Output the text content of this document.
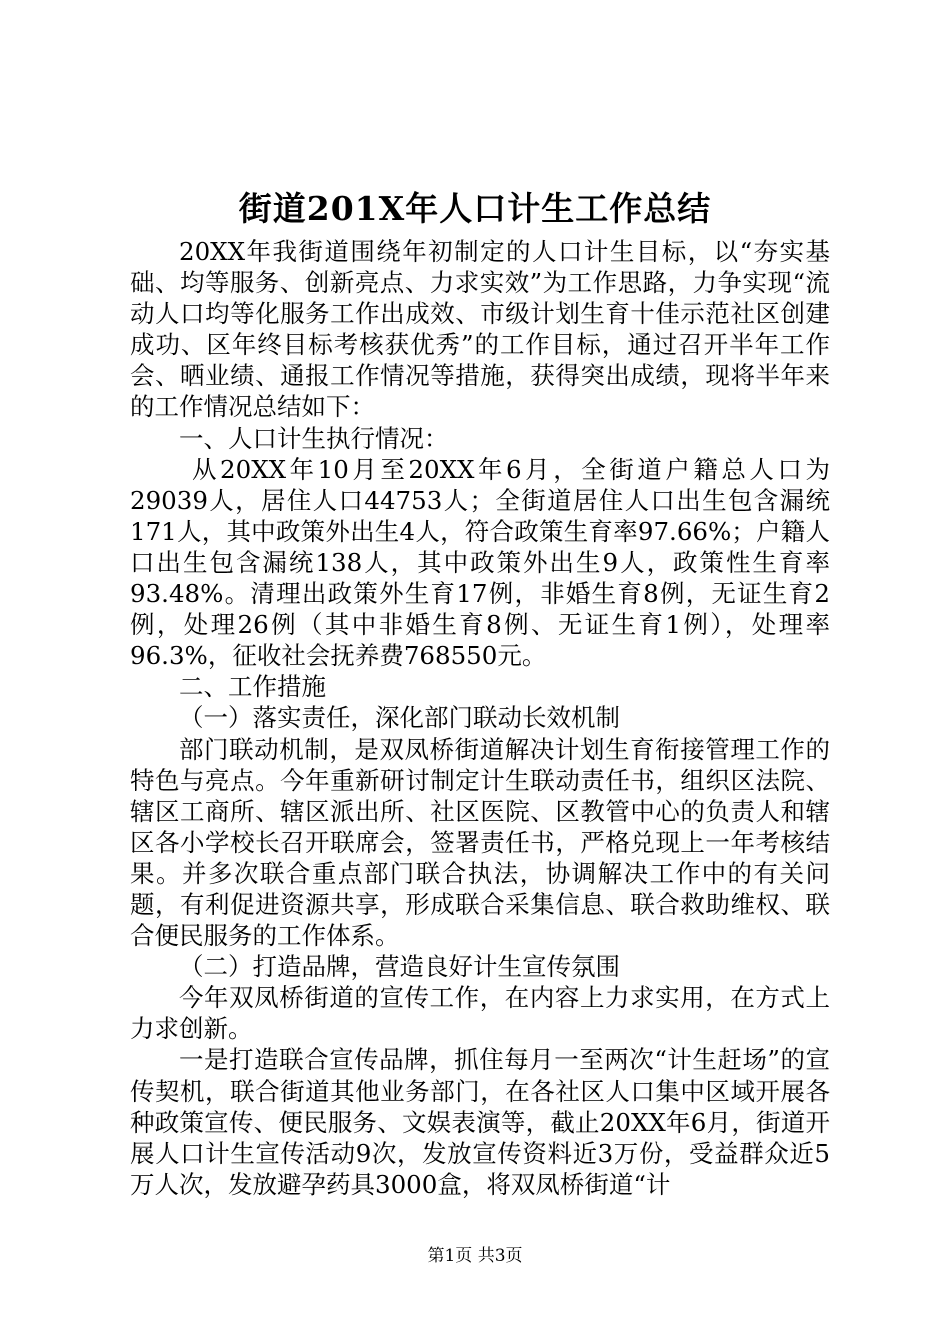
街道201X年人口计生工作总结

20XX年我街道围绕年初制定的人口计生目标，以“夯实基础、均等服务、创新亮点、力求实效”为工作思路，力争实现“流动人口均等化服务工作出成效、市级计划生育十佳示范社区创建成功、区年终目标考核获优秀”的工作目标，通过召开半年工作会、晒业绩、通报工作情况等措施，获得突出成绩，现将半年来的工作情况总结如下：

一、人口计生执行情况：

从20XX年10月至20XX年6月，全街道户籍总人口为29039人，居住人口44753人；全街道居住人口出生包含漏统171人，其中政策外出生4人，符合政策生育率97.66%；户籍人口出生包含漏统138人，其中政策外出生9人，政策性生育率93.48%。清理出政策外生育17例，非婚生育8例，无证生育2例，处理26例（其中非婚生育8例、无证生育1例），处理率96.3%，征收社会抚养费768550元。

二、工作措施

（一）落实责任，深化部门联动长效机制

部门联动机制，是双凤桥街道解决计划生育衔接管理工作的特色与亮点。今年重新研讨制定计生联动责任书，组织区法院、辖区工商所、辖区派出所、社区医院、区教管中心的负责人和辖区各小学校长召开联席会，签署责任书，严格兑现上一年考核结果。并多次联合重点部门联合执法，协调解决工作中的有关问题，有利促进资源共享，形成联合采集信息、联合救助维权、联合便民服务的工作体系。

（二）打造品牌，营造良好计生宣传氛围

今年双凤桥街道的宣传工作，在内容上力求实用，在方式上力求创新。

一是打造联合宣传品牌，抓住每月一至两次“计生赶场”的宣传契机，联合街道其他业务部门，在各社区人口集中区域开展各种政策宣传、便民服务、文娱表演等，截止20XX年6月，街道开展人口计生宣传活动9次，发放宣传资料近3万份，受益群众近5万人次，发放避孕药具3000盒，将双凤桥街道“计

第1页 共3页
